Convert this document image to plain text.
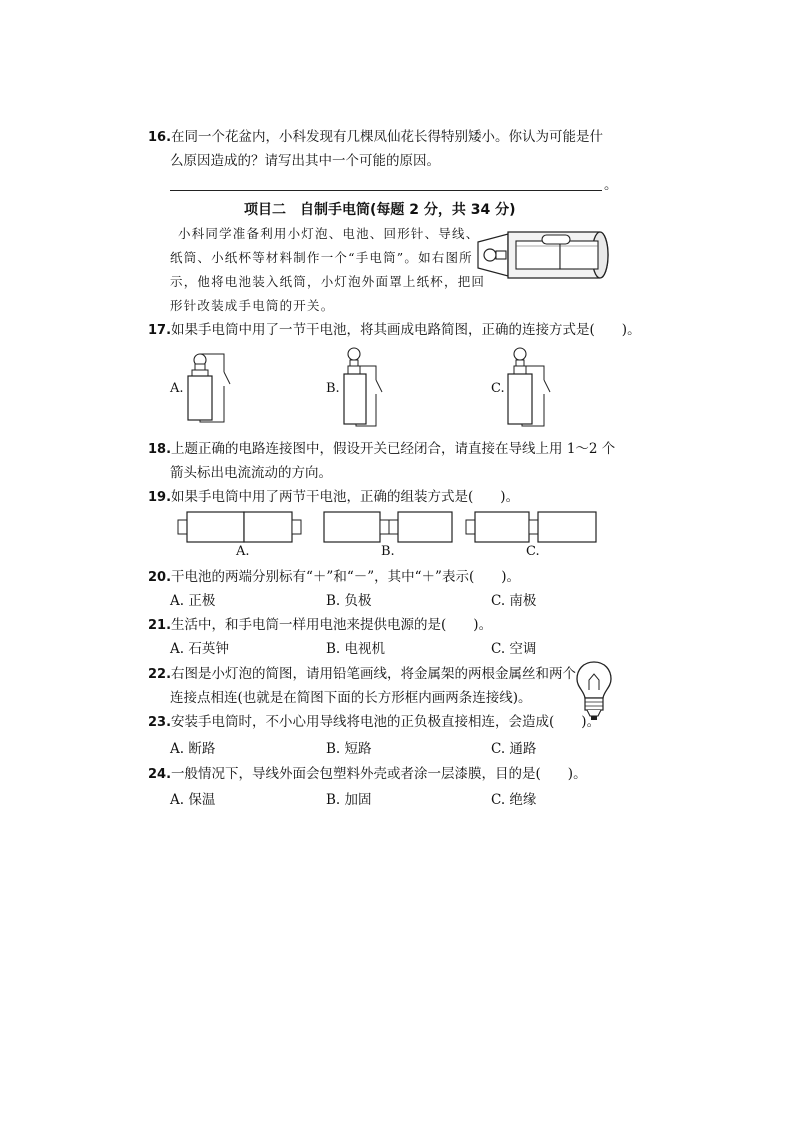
16.在同一个花盆内，小科发现有几棵凤仙花长得特别矮小。你认为可能是什
么原因造成的？请写出其中一个可能的原因。
。
项目二　自制手电筒(每题 2 分，共 34 分)
小科同学准备利用小灯泡、电池、回形针、导线、
纸筒、小纸杯等材料制作一个“手电筒”。如右图所
示，他将电池装入纸筒，小灯泡外面罩上纸杯，把回
形针改装成手电筒的开关。
17.如果手电筒中用了一节干电池，将其画成电路简图，正确的连接方式是(　　)。
A.	B.	C.
18.上题正确的电路连接图中，假设开关已经闭合，请直接在导线上用 1～2 个
箭头标出电流流动的方向。
19.如果手电筒中用了两节干电池，正确的组装方式是(　　)。
A.	B.	C.
20.干电池的两端分别标有“＋”和“－”，其中“＋”表示(　　)。
A. 正极	B. 负极	C. 南极
21.生活中，和手电筒一样用电池来提供电源的是(　　)。
A. 石英钟	B. 电视机	C. 空调
22.右图是小灯泡的简图，请用铅笔画线，将金属架的两根金属丝和两个
连接点相连(也就是在简图下面的长方形框内画两条连接线)。
23.安装手电筒时，不小心用导线将电池的正负极直接相连，会造成(　　)。
A. 断路	B. 短路	C. 通路
24.一般情况下，导线外面会包塑料外壳或者涂一层漆膜，目的是(　　)。
A. 保温	B. 加固	C. 绝缘
